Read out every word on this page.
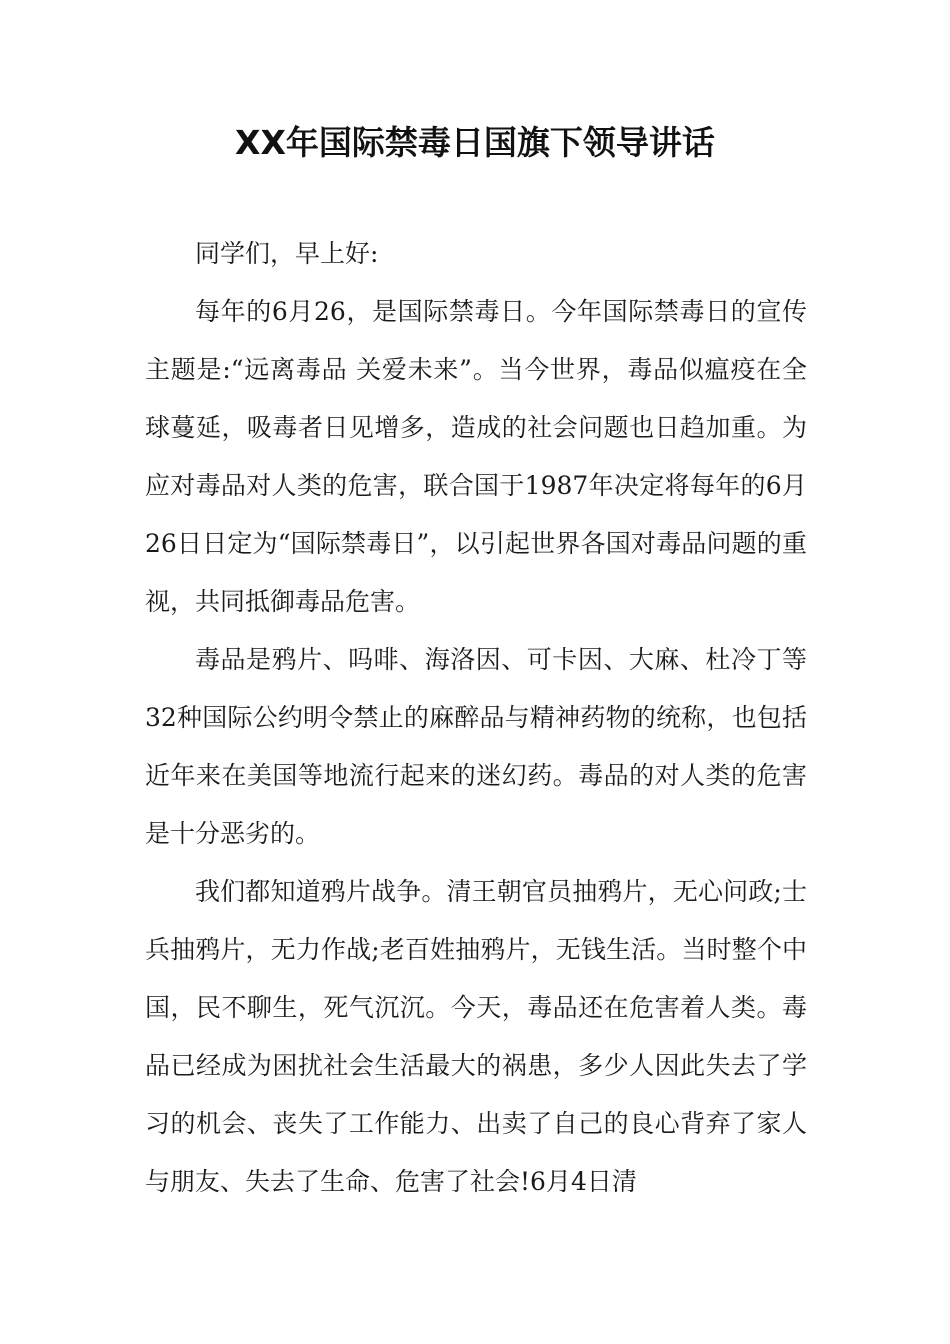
XX年国际禁毒日国旗下领导讲话

同学们，早上好:

每年的6月26，是国际禁毒日。今年国际禁毒日的宣传主题是:“远离毒品 关爱未来”。当今世界，毒品似瘟疫在全球蔓延，吸毒者日见增多，造成的社会问题也日趋加重。为应对毒品对人类的危害，联合国于1987年决定将每年的6月 26日日定为“国际禁毒日”，以引起世界各国对毒品问题的重视，共同抵御毒品危害。

毒品是鸦片、吗啡、海洛因、可卡因、大麻、杜冷丁等32种国际公约明令禁止的麻醉品与精神药物的统称，也包括近年来在美国等地流行起来的迷幻药。毒品的对人类的危害是十分恶劣的。

我们都知道鸦片战争。清王朝官员抽鸦片，无心问政;士兵抽鸦片，无力作战;老百姓抽鸦片，无钱生活。当时整个中国，民不聊生，死气沉沉。今天，毒品还在危害着人类。毒品已经成为困扰社会生活最大的祸患，多少人因此失去了学习的机会、丧失了工作能力、出卖了自己的良心背弃了家人与朋友、失去了生命、危害了社会!6月4日清
